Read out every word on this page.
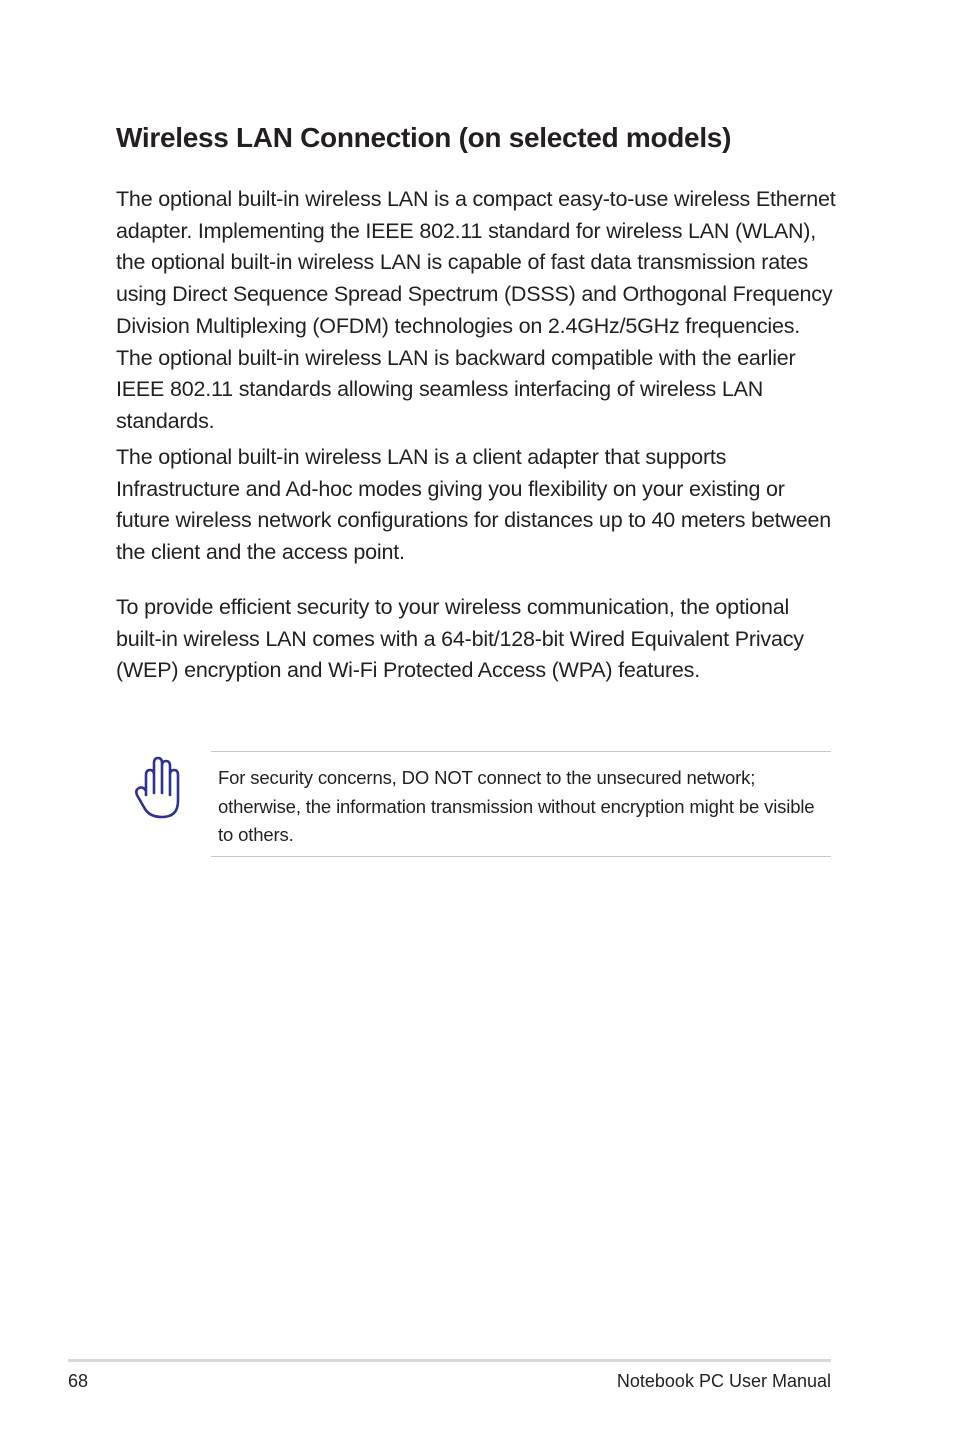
Wireless LAN Connection (on selected models)

The optional built-in wireless LAN is a compact easy-to-use wireless Ethernet adapter. Implementing the IEEE 802.11 standard for wireless LAN (WLAN), the optional built-in wireless LAN is capable of fast data transmission rates using Direct Sequence Spread Spectrum (DSSS) and Orthogonal Frequency Division Multiplexing (OFDM) technologies on 2.4GHz/5GHz frequencies. The optional built-in wireless LAN is backward compatible with the earlier IEEE 802.11 standards allowing seamless interfacing of wireless LAN standards.

The optional built-in wireless LAN is a client adapter that supports Infrastructure and Ad-hoc modes giving you flexibility on your existing or future wireless network configurations for distances up to 40 meters between the client and the access point.

To provide efficient security to your wireless communication, the optional built-in wireless LAN comes with a 64-bit/128-bit Wired Equivalent Privacy (WEP) encryption and Wi-Fi Protected Access (WPA) features.

For security concerns, DO NOT connect to the unsecured network; otherwise, the information transmission without encryption might be visible to others.

68	Notebook PC User Manual
